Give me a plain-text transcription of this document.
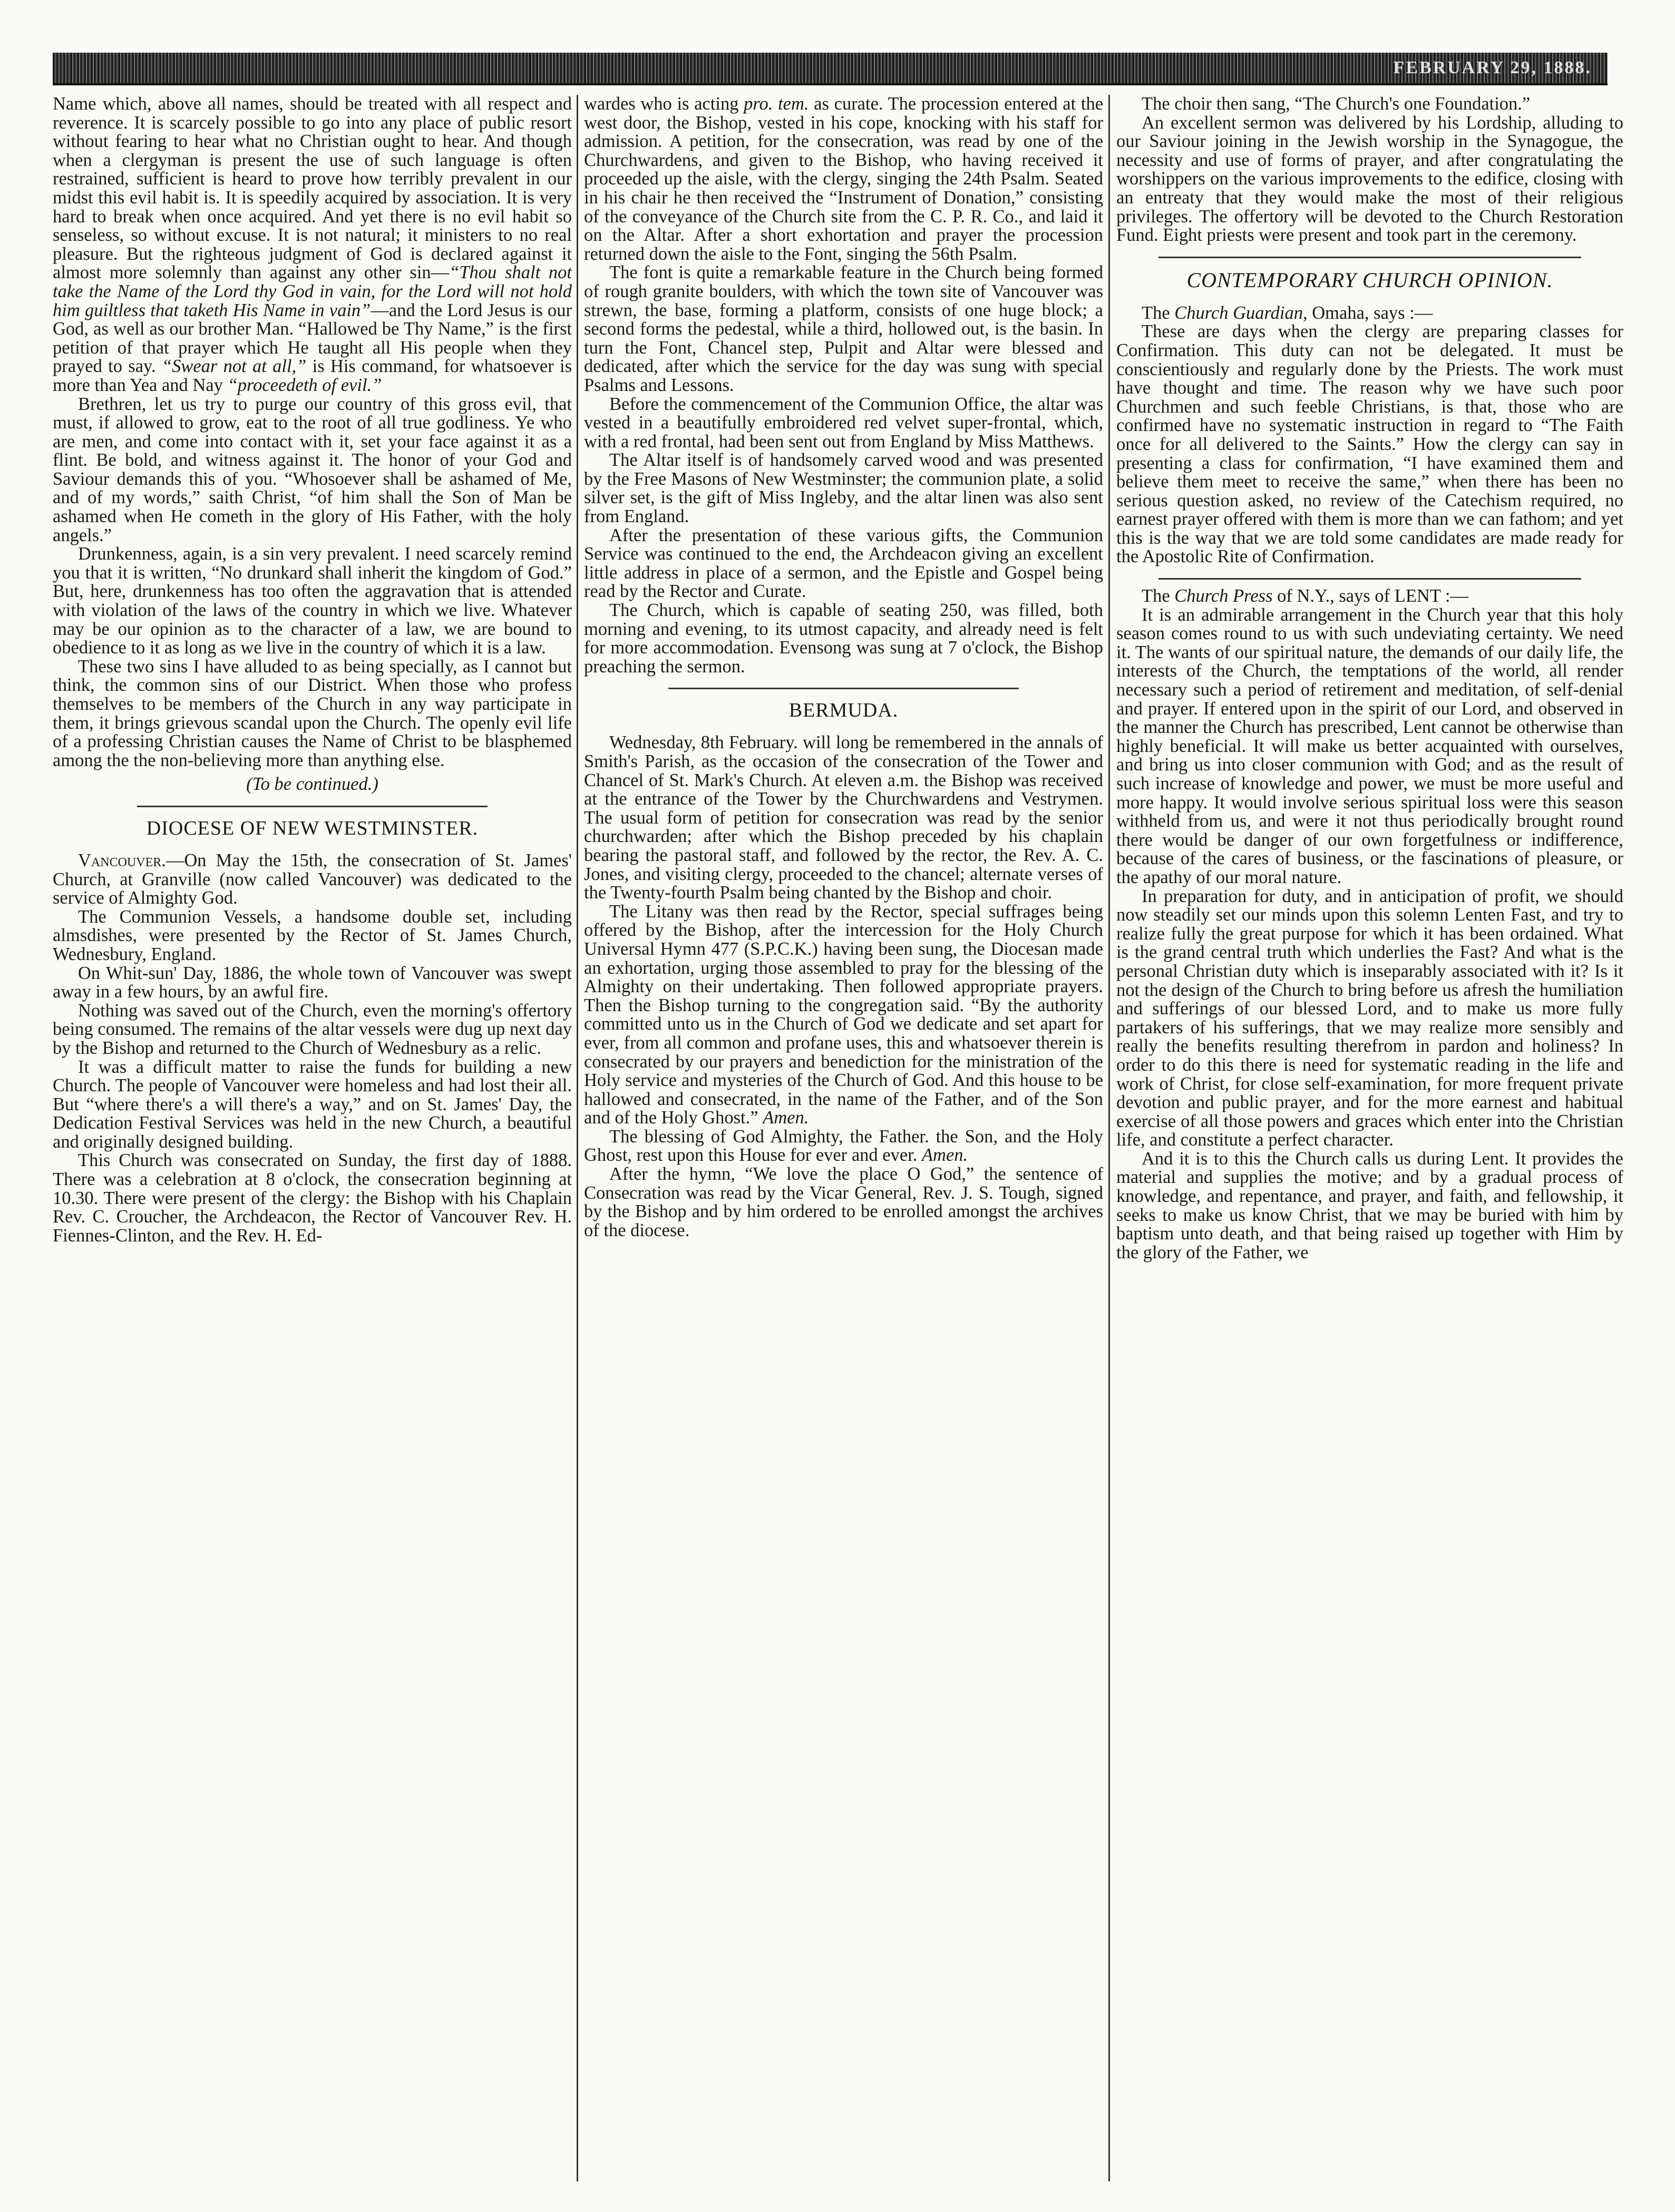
FEBRUARY 29, 1888.

Name which, above all names, should be treated with all respect and reverence. It is scarcely possible to go into any place of public resort without fearing to hear what no Christian ought to hear. And though when a clergyman is present the use of such language is often restrained, sufficient is heard to prove how terribly prevalent in our midst this evil habit is. It is speedily acquired by association. It is very hard to break when once acquired. And yet there is no evil habit so senseless, so without excuse. It is not natural; it ministers to no real pleasure. But the righteous judgment of God is declared against it almost more solemnly than against any other sin—“Thou shalt not take the Name of the Lord thy God in vain, for the Lord will not hold him guiltless that taketh His Name in vain”—and the Lord Jesus is our God, as well as our brother Man. “Hallowed be Thy Name,” is the first petition of that prayer which He taught all His people when they prayed to say. “Swear not at all,” is His command, for whatsoever is more than Yea and Nay “proceedeth of evil.”

Brethren, let us try to purge our country of this gross evil, that must, if allowed to grow, eat to the root of all true godliness. Ye who are men, and come into contact with it, set your face against it as a flint. Be bold, and witness against it. The honor of your God and Saviour demands this of you. “Whosoever shall be ashamed of Me, and of my words,” saith Christ, “of him shall the Son of Man be ashamed when He cometh in the glory of His Father, with the holy angels.”

Drunkenness, again, is a sin very prevalent. I need scarcely remind you that it is written, “No drunkard shall inherit the kingdom of God.” But, here, drunkenness has too often the aggravation that is attended with violation of the laws of the country in which we live. Whatever may be our opinion as to the character of a law, we are bound to obedience to it as long as we live in the country of which it is a law.

These two sins I have alluded to as being specially, as I cannot but think, the common sins of our District. When those who profess themselves to be members of the Church in any way participate in them, it brings grievous scandal upon the Church. The openly evil life of a professing Christian causes the Name of Christ to be blasphemed among the the non-believing more than anything else.

(To be continued.)
DIOCESE OF NEW WESTMINSTER.

Vancouver.—On May the 15th, the consecration of St. James' Church, at Granville (now called Vancouver) was dedicated to the service of Almighty God.

The Communion Vessels, a handsome double set, including almsdishes, were presented by the Rector of St. James Church, Wednesbury, England.

On Whit-sun' Day, 1886, the whole town of Vancouver was swept away in a few hours, by an awful fire.

Nothing was saved out of the Church, even the morning's offertory being consumed. The remains of the altar vessels were dug up next day by the Bishop and returned to the Church of Wednesbury as a relic.

It was a difficult matter to raise the funds for building a new Church. The people of Vancouver were homeless and had lost their all. But “where there's a will there's a way,” and on St. James' Day, the Dedication Festival Services was held in the new Church, a beautiful and originally designed building.

This Church was consecrated on Sunday, the first day of 1888. There was a celebration at 8 o'clock, the consecration beginning at 10.30. There were present of the clergy: the Bishop with his Chaplain Rev. C. Croucher, the Archdeacon, the Rector of Vancouver Rev. H. Fiennes-Clinton, and the Rev. H. Ed-

wardes who is acting pro. tem. as curate. The procession entered at the west door, the Bishop, vested in his cope, knocking with his staff for admission. A petition, for the consecration, was read by one of the Churchwardens, and given to the Bishop, who having received it proceeded up the aisle, with the clergy, singing the 24th Psalm. Seated in his chair he then received the “Instrument of Donation,” consisting of the conveyance of the Church site from the C. P. R. Co., and laid it on the Altar. After a short exhortation and prayer the procession returned down the aisle to the Font, singing the 56th Psalm.

The font is quite a remarkable feature in the Church being formed of rough granite boulders, with which the town site of Vancouver was strewn, the base, forming a platform, consists of one huge block; a second forms the pedestal, while a third, hollowed out, is the basin. In turn the Font, Chancel step, Pulpit and Altar were blessed and dedicated, after which the service for the day was sung with special Psalms and Lessons.

Before the commencement of the Communion Office, the altar was vested in a beautifully embroidered red velvet super-frontal, which, with a red frontal, had been sent out from England by Miss Matthews.

The Altar itself is of handsomely carved wood and was presented by the Free Masons of New Westminster; the communion plate, a solid silver set, is the gift of Miss Ingleby, and the altar linen was also sent from England.

After the presentation of these various gifts, the Communion Service was continued to the end, the Archdeacon giving an excellent little address in place of a sermon, and the Epistle and Gospel being read by the Rector and Curate.

The Church, which is capable of seating 250, was filled, both morning and evening, to its utmost capacity, and already need is felt for more accommodation. Evensong was sung at 7 o'clock, the Bishop preaching the sermon.

BERMUDA.

Wednesday, 8th February. will long be remembered in the annals of Smith's Parish, as the occasion of the consecration of the Tower and Chancel of St. Mark's Church. At eleven a.m. the Bishop was received at the entrance of the Tower by the Churchwardens and Vestrymen. The usual form of petition for consecration was read by the senior churchwarden; after which the Bishop preceded by his chaplain bearing the pastoral staff, and followed by the rector, the Rev. A. C. Jones, and visiting clergy, proceeded to the chancel; alternate verses of the Twenty-fourth Psalm being chanted by the Bishop and choir.

The Litany was then read by the Rector, special suffrages being offered by the Bishop, after the intercession for the Holy Church Universal Hymn 477 (S.P.C.K.) having been sung, the Diocesan made an exhortation, urging those assembled to pray for the blessing of the Almighty on their undertaking. Then followed appropriate prayers. Then the Bishop turning to the congregation said. “By the authority committed unto us in the Church of God we dedicate and set apart for ever, from all common and profane uses, this and whatsoever therein is consecrated by our prayers and benediction for the ministration of the Holy service and mysteries of the Church of God. And this house to be hallowed and consecrated, in the name of the Father, and of the Son and of the Holy Ghost.” Amen.

The blessing of God Almighty, the Father. the Son, and the Holy Ghost, rest upon this House for ever and ever. Amen.

After the hymn, “We love the place O God,” the sentence of Consecration was read by the Vicar General, Rev. J. S. Tough, signed by the Bishop and by him ordered to be enrolled amongst the archives of the diocese.

The choir then sang, “The Church's one Foundation.”

An excellent sermon was delivered by his Lordship, alluding to our Saviour joining in the Jewish worship in the Synagogue, the necessity and use of forms of prayer, and after congratulating the worshippers on the various improvements to the edifice, closing with an entreaty that they would make the most of their religious privileges. The offertory will be devoted to the Church Restoration Fund. Eight priests were present and took part in the ceremony.

CONTEMPORARY CHURCH OPINION.

The Church Guardian, Omaha, says :—

These are days when the clergy are preparing classes for Confirmation. This duty can not be delegated. It must be conscientiously and regularly done by the Priests. The work must have thought and time. The reason why we have such poor Churchmen and such feeble Christians, is that, those who are confirmed have no systematic instruction in regard to “The Faith once for all delivered to the Saints.” How the clergy can say in presenting a class for confirmation, “I have examined them and believe them meet to receive the same,” when there has been no serious question asked, no review of the Catechism required, no earnest prayer offered with them is more than we can fathom; and yet this is the way that we are told some candidates are made ready for the Apostolic Rite of Confirmation.

The Church Press of N.Y., says of LENT :—

It is an admirable arrangement in the Church year that this holy season comes round to us with such undeviating certainty. We need it. The wants of our spiritual nature, the demands of our daily life, the interests of the Church, the temptations of the world, all render necessary such a period of retirement and meditation, of self-denial and prayer. If entered upon in the spirit of our Lord, and observed in the manner the Church has prescribed, Lent cannot be otherwise than highly beneficial. It will make us better acquainted with ourselves, and bring us into closer communion with God; and as the result of such increase of knowledge and power, we must be more useful and more happy. It would involve serious spiritual loss were this season withheld from us, and were it not thus periodically brought round there would be danger of our own forgetfulness or indifference, because of the cares of business, or the fascinations of pleasure, or the apathy of our moral nature.

In preparation for duty, and in anticipation of profit, we should now steadily set our minds upon this solemn Lenten Fast, and try to realize fully the great purpose for which it has been ordained. What is the grand central truth which underlies the Fast? And what is the personal Christian duty which is inseparably associated with it? Is it not the design of the Church to bring before us afresh the humiliation and sufferings of our blessed Lord, and to make us more fully partakers of his sufferings, that we may realize more sensibly and really the benefits resulting therefrom in pardon and holiness? In order to do this there is need for systematic reading in the life and work of Christ, for close self-examination, for more frequent private devotion and public prayer, and for the more earnest and habitual exercise of all those powers and graces which enter into the Christian life, and constitute a perfect character.

And it is to this the Church calls us during Lent. It provides the material and supplies the motive; and by a gradual process of knowledge, and repentance, and prayer, and faith, and fellowship, it seeks to make us know Christ, that we may be buried with him by baptism unto death, and that being raised up together with Him by the glory of the Father, we
